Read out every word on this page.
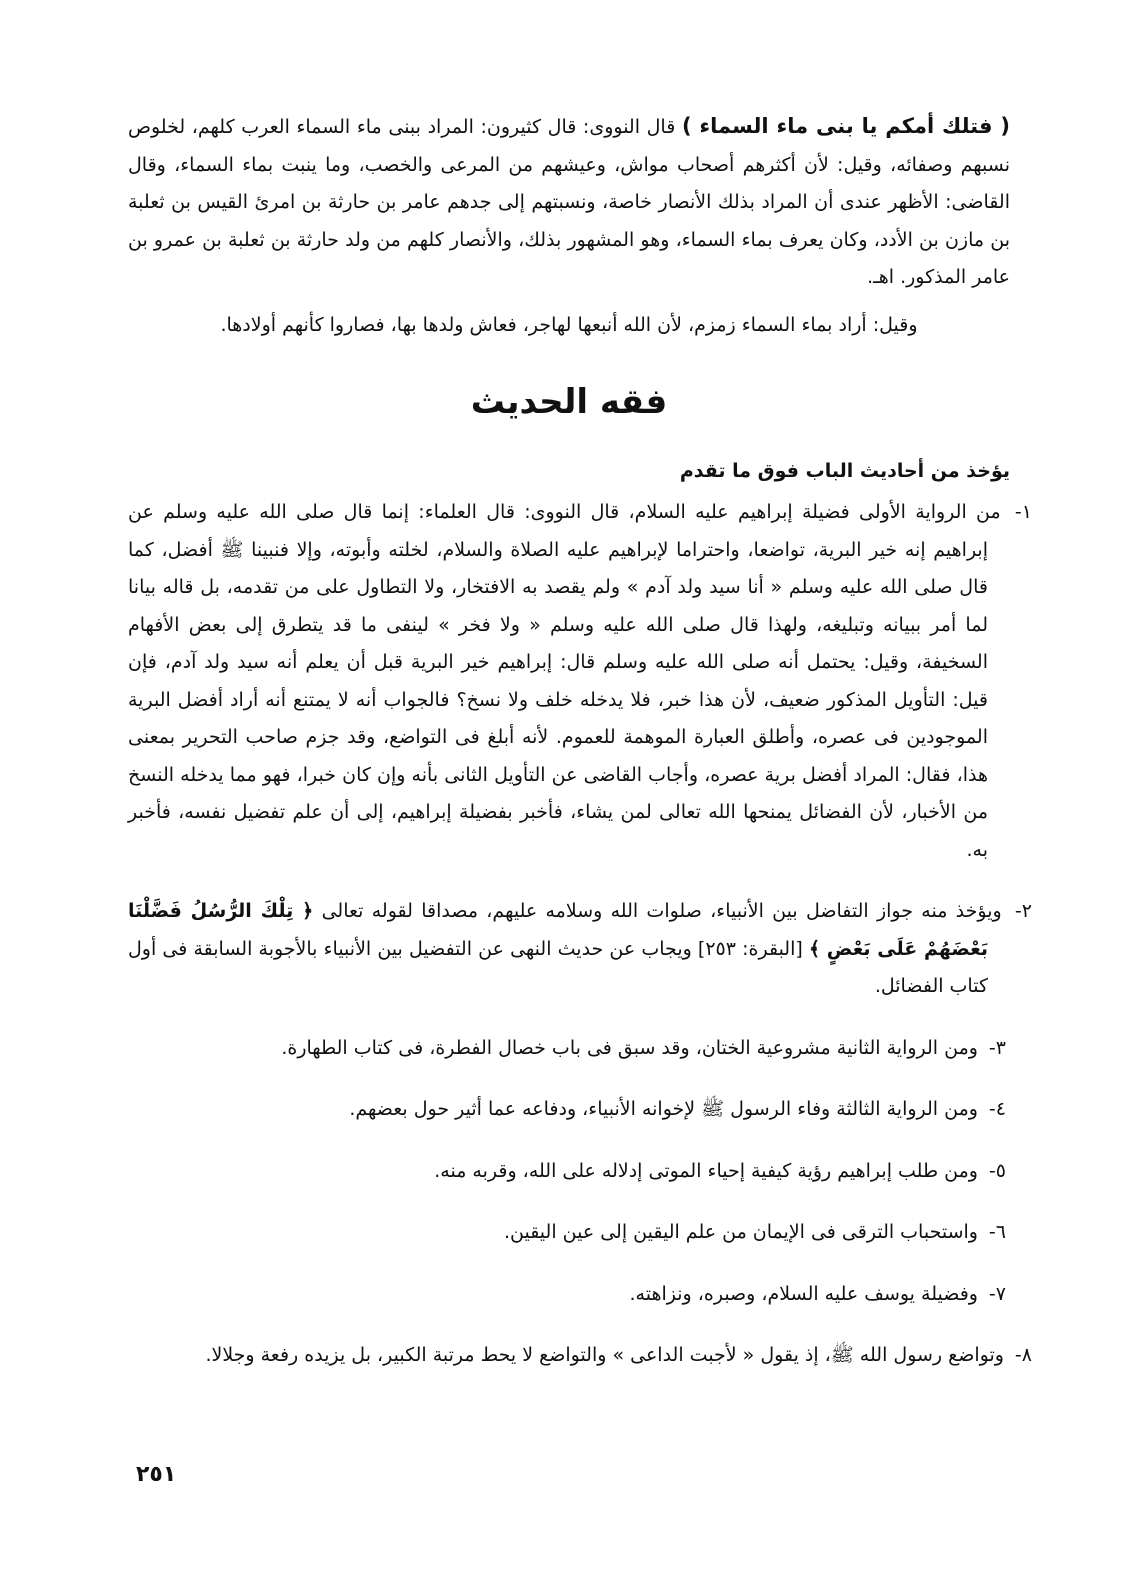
( فتلك أمكم يا بنى ماء السماء ) قال النووى: قال كثيرون: المراد ببنى ماء السماء العرب كلهم، لخلوص نسبهم وصفائه، وقيل: لأن أكثرهم أصحاب مواش، وعيشهم من المرعى والخصب، وما ينبت بماء السماء، وقال القاضى: الأظهر عندى أن المراد بذلك الأنصار خاصة، ونسبتهم إلى جدهم عامر بن حارثة بن امرئ القيس بن ثعلبة بن مازن بن الأدد، وكان يعرف بماء السماء، وهو المشهور بذلك، والأنصار كلهم من ولد حارثة بن ثعلبة بن عمرو بن عامر المذكور. اهـ.

وقيل: أراد بماء السماء زمزم، لأن الله أنبعها لهاجر، فعاش ولدها بها، فصاروا كأنهم أولادها.

فقه الحديث
يؤخذ من أحاديث الباب فوق ما تقدم

١- من الرواية الأولى فضيلة إبراهيم عليه السلام، قال النووى: قال العلماء: إنما قال صلى الله عليه وسلم عن إبراهيم إنه خير البرية، تواضعا، واحتراما لإبراهيم عليه الصلاة والسلام، لخلته وأبوته، وإلا فنبينا ﷺ أفضل، كما قال صلى الله عليه وسلم « أنا سيد ولد آدم » ولم يقصد به الافتخار، ولا التطاول على من تقدمه، بل قاله بيانا لما أمر ببيانه وتبليغه، ولهذا قال صلى الله عليه وسلم « ولا فخر » لينفى ما قد يتطرق إلى بعض الأفهام السخيفة، وقيل: يحتمل أنه صلى الله عليه وسلم قال: إبراهيم خير البرية قبل أن يعلم أنه سيد ولد آدم، فإن قيل: التأويل المذكور ضعيف، لأن هذا خبر، فلا يدخله خلف ولا نسخ؟ فالجواب أنه لا يمتنع أنه أراد أفضل البرية الموجودين فى عصره، وأطلق العبارة الموهمة للعموم. لأنه أبلغ فى التواضع، وقد جزم صاحب التحرير بمعنى هذا، فقال: المراد أفضل برية عصره، وأجاب القاضى عن التأويل الثانى بأنه وإن كان خبرا، فهو مما يدخله النسخ من الأخبار، لأن الفضائل يمنحها الله تعالى لمن يشاء، فأخبر بفضيلة إبراهيم، إلى أن علم تفضيل نفسه، فأخبر به.

٢- ويؤخذ منه جواز التفاضل بين الأنبياء، صلوات الله وسلامه عليهم، مصداقا لقوله تعالى ﴿ تِلْكَ الرُّسُلُ فَضَّلْنَا بَعْضَهُمْ عَلَى بَعْضٍ ﴾ [البقرة: ٢٥٣] ويجاب عن حديث النهى عن التفضيل بين الأنبياء بالأجوبة السابقة فى أول كتاب الفضائل.

٣- ومن الرواية الثانية مشروعية الختان، وقد سبق فى باب خصال الفطرة، فى كتاب الطهارة.

٤- ومن الرواية الثالثة وفاء الرسول ﷺ لإخوانه الأنبياء، ودفاعه عما أثير حول بعضهم.

٥- ومن طلب إبراهيم رؤية كيفية إحياء الموتى إدلاله على الله، وقربه منه.

٦- واستحباب الترقى فى الإيمان من علم اليقين إلى عين اليقين.

٧- وفضيلة يوسف عليه السلام، وصبره، ونزاهته.

٨- وتواضع رسول الله ﷺ، إذ يقول « لأجبت الداعى » والتواضع لا يحط مرتبة الكبير، بل يزيده رفعة وجلالا.

٢٥١
